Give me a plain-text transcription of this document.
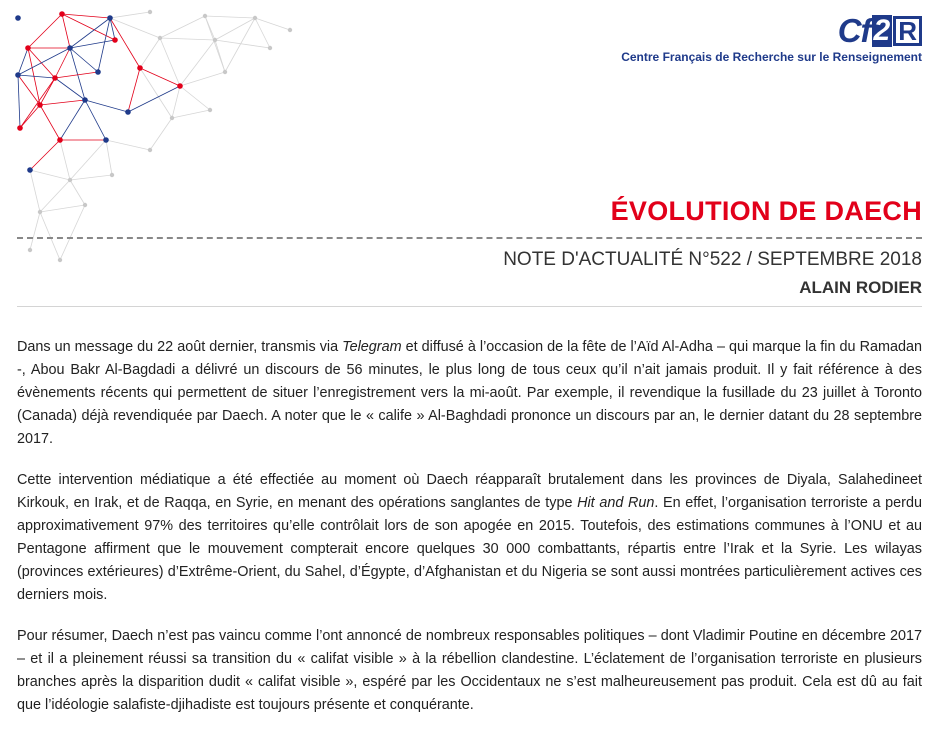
Cf 2 R
Centre Français de Recherche sur le Renseignement
ÉVOLUTION DE DAECH
NOTE D'ACTUALITÉ N°522 / SEPTEMBRE 2018
ALAIN RODIER

Dans un message du 22 août dernier, transmis via Telegram et diffusé à l’occasion de la fête de l’Aïd Al-Adha – qui marque la fin du Ramadan -, Abou Bakr Al-Bagdadi a délivré un discours de 56 minutes, le plus long de tous ceux qu’il n’ait jamais produit. Il y fait référence à des évènements récents qui permettent de situer l’enregistrement vers la mi-août. Par exemple, il revendique la fusillade du 23 juillet à Toronto (Canada) déjà revendiquée par Daech. A noter que le « calife » Al-Baghdadi prononce un discours par an, le dernier datant du 28 septembre 2017.

Cette intervention médiatique a été effectiée au moment où Daech réapparaît brutalement dans les provinces de Diyala, Salahedineet Kirkouk, en Irak, et de Raqqa, en Syrie, en menant des opérations sanglantes de type Hit and Run. En effet, l’organisation terroriste a perdu approximativement 97% des territoires qu’elle contrôlait lors de son apogée en 2015. Toutefois, des estimations communes à l’ONU et au Pentagone affirment que le mouvement compterait encore quelques 30 000 combattants, répartis entre l’Irak et la Syrie. Les wilayas (provinces extérieures) d’Extrême-Orient, du Sahel, d’Égypte, d’Afghanistan et du Nigeria se sont aussi montrées particulièrement actives ces derniers mois.

Pour résumer, Daech n’est pas vaincu comme l’ont annoncé de nombreux responsables politiques – dont Vladimir Poutine en décembre 2017 – et il a pleinement réussi sa transition du « califat visible » à la rébellion clandestine. L’éclatement de l’organisation terroriste en plusieurs branches après la disparition dudit « califat visible », espéré par les Occidentaux ne s’est malheureusement pas produit. Cela est dû au fait que l’idéologie salafiste-djihadiste est toujours présente et conquérante.
